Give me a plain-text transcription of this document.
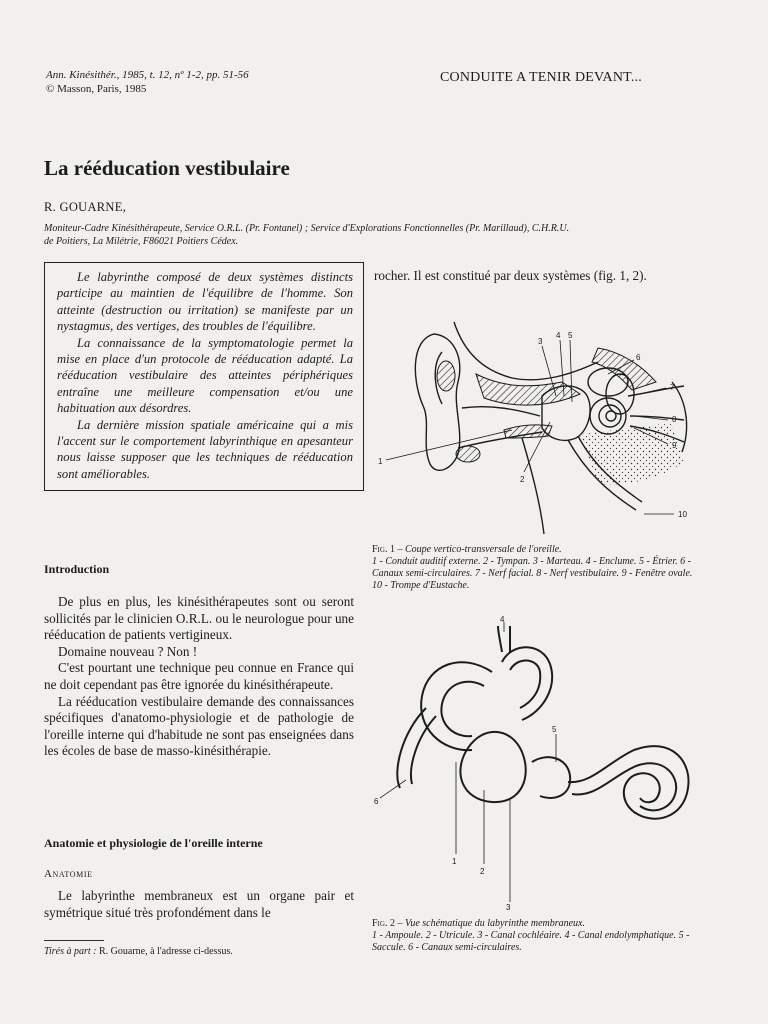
Ann. Kinésithér., 1985, t. 12, nº 1-2, pp. 51-56
© Masson, Paris, 1985
CONDUITE A TENIR DEVANT...
La rééducation vestibulaire
R. GOUARNE,
Moniteur-Cadre Kinésithérapeute, Service O.R.L. (Pr. Fontanel) ; Service d'Explorations Fonctionnelles (Pr. Marillaud), C.H.R.U.
de Poitiers, La Milétrie, F86021 Poitiers Cédex.

Le labyrinthe composé de deux systèmes distincts participe au maintien de l'équilibre de l'homme. Son atteinte (destruction ou irritation) se manifeste par un nystagmus, des vertiges, des troubles de l'équilibre.

La connaissance de la symptomatologie permet la mise en place d'un protocole de rééducation adapté. La rééducation vestibulaire des atteintes périphériques entraîne une meilleure compensation et/ou une habituation aux désordres.

La dernière mission spatiale américaine qui a mis l'accent sur le comportement labyrinthique en apesanteur nous laisse supposer que les techniques de rééducation sont améliorables.

Introduction

De plus en plus, les kinésithérapeutes sont ou seront sollicités par le clinicien O.R.L. ou le neurologue pour une rééducation de patients vertigineux.

Domaine nouveau ? Non !

C'est pourtant une technique peu connue en France qui ne doit cependant pas être ignorée du kinésithérapeute.

La rééducation vestibulaire demande des connaissances spécifiques d'anatomo-physiologie et de pathologie de l'oreille interne qui d'habitude ne sont pas enseignées dans les écoles de base de masso-kinésithérapie.

Anatomie et physiologie de l'oreille interne
Anatomie

Le labyrinthe membraneux est un organe pair et symétrique situé très profondément dans le

Tirés à part : R. Gouarne, à l'adresse ci-dessus.
rocher. Il est constitué par deux systèmes (fig. 1, 2).
1
2
3
4 5
6
7
8
9
10
Fig. 1 – Coupe vertico-transversale de l'oreille.
1 - Conduit auditif externe. 2 - Tympan. 3 - Marteau. 4 - Enclume. 5 - Étrier. 6 - Canaux semi-circulaires. 7 - Nerf facial. 8 - Nerf vestibulaire. 9 - Fenêtre ovale. 10 - Trompe d'Eustache.
1
2
3
4
5
6
Fig. 2 – Vue schématique du labyrinthe membraneux.
1 - Ampoule. 2 - Utricule. 3 - Canal cochléaire. 4 - Canal endolymphatique. 5 - Saccule. 6 - Canaux semi-circulaires.
